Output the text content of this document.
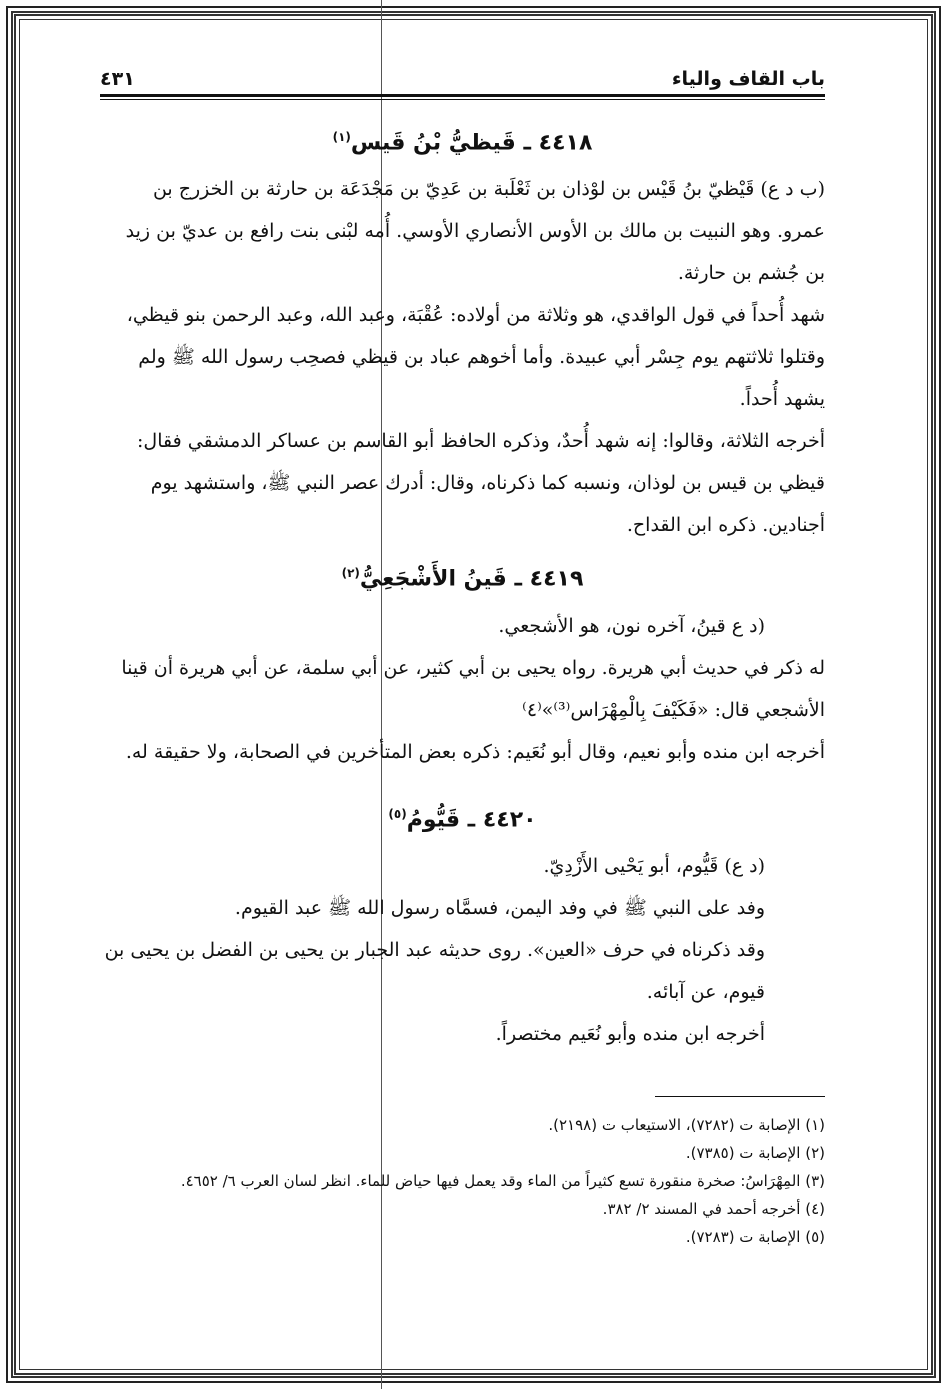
باب القاف والياء
٤٣١
٤٤١٨ ـ قَيظيُّ بْنُ قَيس$^{(١)}$

(ب د ع) قَيْظيّ بنُ قَيْس بن لوْذان بن ثَعْلَبة بن عَدِيّ بن مَجْدَعَة بن حارثة بن الخزرج بن عمرو. وهو النبيت بن مالك بن الأوس الأنصاري الأوسي. أُمه لبْنى بنت رافع بن عديّ بن زيد بن جُشم بن حارثة.

شهد أُحداً في قول الواقدي، هو وثلاثة من أولاده: عُقْبَة، وعبد الله، وعبد الرحمن بنو قيظي، وقتلوا ثلاثتهم يوم جِسْر أبي عبيدة. وأما أخوهم عباد بن قيظي فصحِب رسول الله ﷺ ولم يشهد أُحداً.

أخرجه الثلاثة، وقالوا: إنه شهد أُحدٌ، وذكره الحافظ أبو القاسم بن عساكر الدمشقي فقال: قيظي بن قيس بن لوذان، ونسبه كما ذكرناه، وقال: أدرك عصر النبي ﷺ، واستشهد يوم أجنادين. ذكره ابن القداح.

٤٤١٩ ـ قَينُ الأَشْجَعِيُّ$^{(٢)}$

(د ع قينُ، آخره نون، هو الأشجعي.

له ذكر في حديث أبي هريرة. رواه يحيى بن أبي كثير، عن أبي سلمة، عن أبي هريرة أن قينا الأشجعي قال: «فَكَيْفَ بِالْمِهْرَاس⁽³⁾»⁽٤⁾

أخرجه ابن منده وأبو نعيم، وقال أبو نُعَيم: ذكره بعض المتأخرين في الصحابة، ولا حقيقة له.

٤٤٢٠ ـ قَيُّومُ$^{(٥)}$

(د ع) قَيُّوم، أبو يَحْيى الأَزْدِيّ.

وفد على النبي ﷺ في وفد اليمن، فسمَّاه رسول الله ﷺ عبد القيوم.

وقد ذكرناه في حرف «العين». روى حديثه عبد الجبار بن يحيى بن الفضل بن يحيى بن قيوم، عن آبائه.

أخرجه ابن منده وأبو نُعَيم مختصراً.

(١) الإصابة ت (٧٢٨٢)، الاستيعاب ت (٢١٩٨).

(٢) الإصابة ت (٧٣٨٥).

(٣) المِهْرَاسُ: صخرة منقورة تسع كثيراً من الماء وقد يعمل فيها حياض للماء. انظر لسان العرب ٦/ ٤٦٥٢.

(٤) أخرجه أحمد في المسند ٢/ ٣٨٢.

(٥) الإصابة ت (٧٢٨٣).
